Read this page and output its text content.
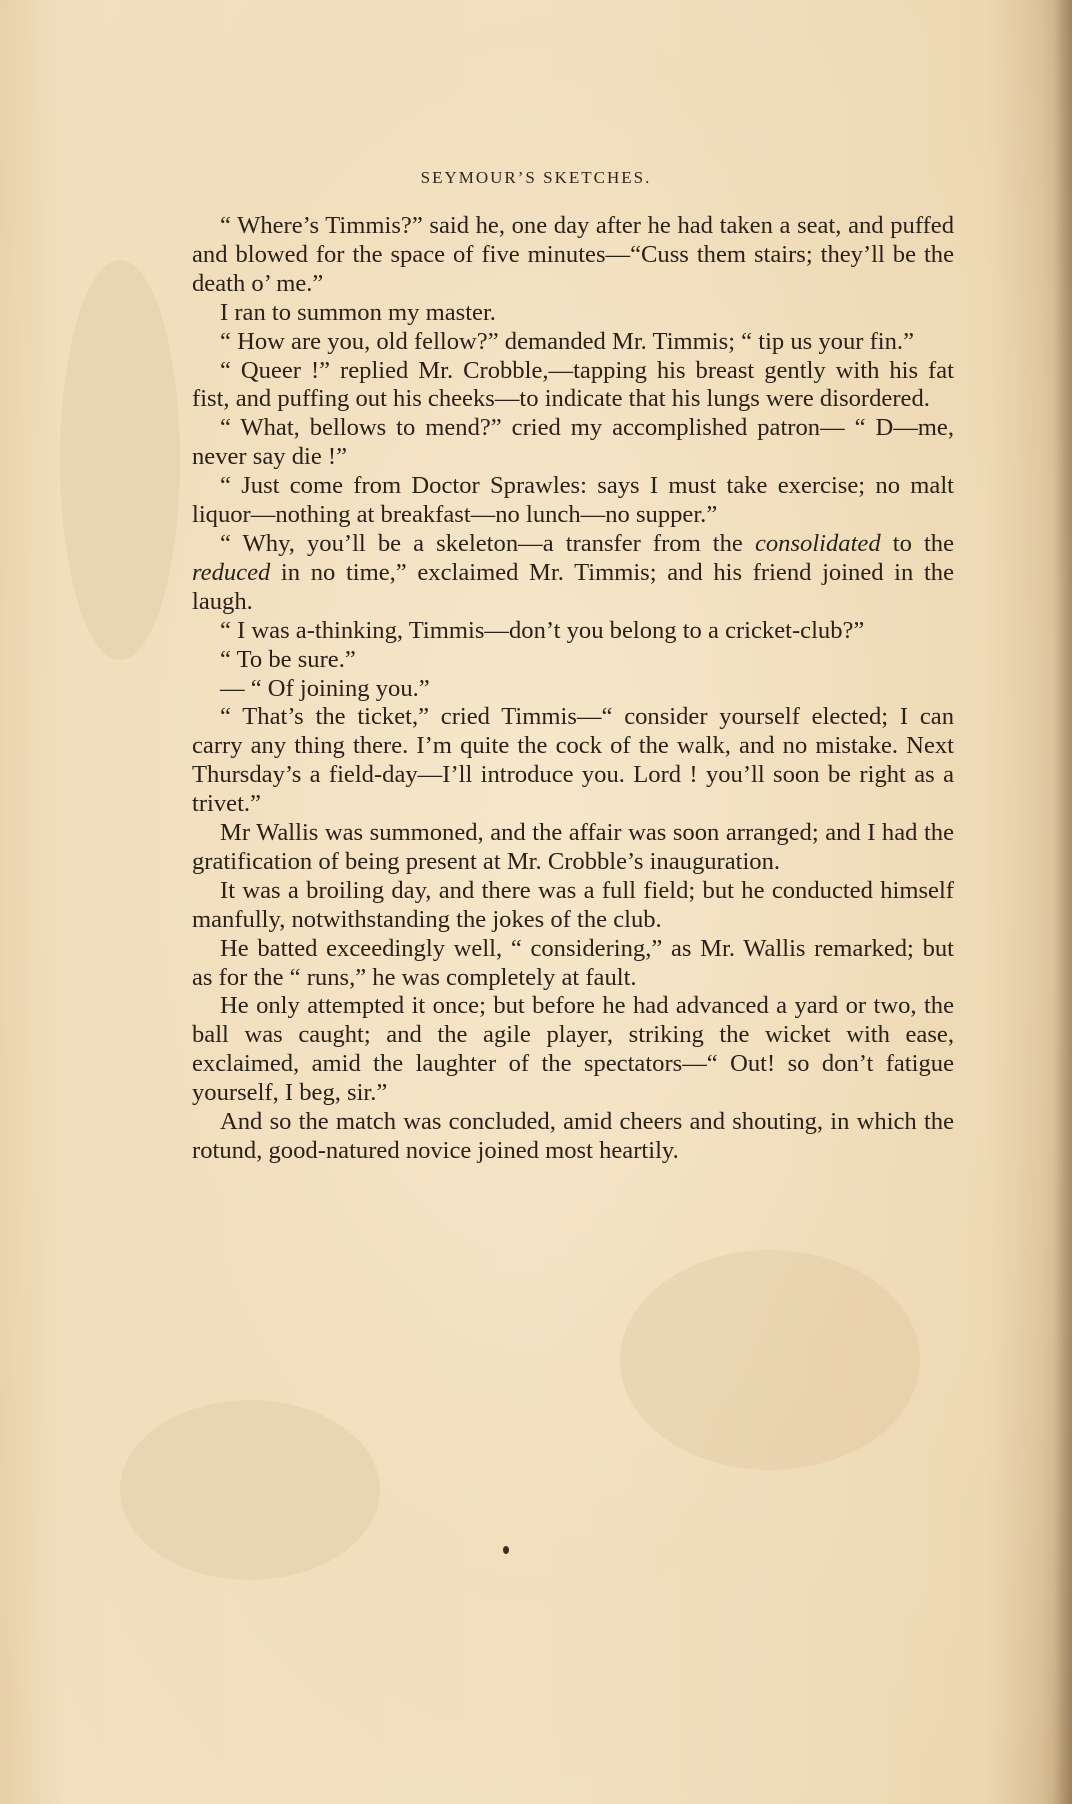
SEYMOUR’S SKETCHES.

“ Where’s Timmis?” said he, one day after he had taken a seat, and puffed and blowed for the space of five minutes—“Cuss them stairs; they’ll be the death o’ me.”

I ran to summon my master.

“ How are you, old fellow?” demanded Mr. Timmis; “ tip us your fin.”

“ Queer !” replied Mr. Crobble,—tapping his breast gently with his fat fist, and puffing out his cheeks—to indicate that his lungs were disordered.

“ What, bellows to mend?” cried my accomplished patron— “ D—me, never say die !”

“ Just come from Doctor Sprawles: says I must take exercise; no malt liquor—nothing at breakfast—no lunch—no supper.”

“ Why, you’ll be a skeleton—a transfer from the consolidated to the reduced in no time,” exclaimed Mr. Timmis; and his friend joined in the laugh.

“ I was a-thinking, Timmis—don’t you belong to a cricket-club?”

“ To be sure.”

— “ Of joining you.”

“ That’s the ticket,” cried Timmis—“ consider yourself elected; I can carry any thing there. I’m quite the cock of the walk, and no mistake. Next Thursday’s a field-day—I’ll introduce you. Lord ! you’ll soon be right as a trivet.”

Mr Wallis was summoned, and the affair was soon arranged; and I had the gratification of being present at Mr. Crobble’s inauguration.

It was a broiling day, and there was a full field; but he conducted himself manfully, notwithstanding the jokes of the club.

He batted exceedingly well, “ considering,” as Mr. Wallis remarked; but as for the “ runs,” he was completely at fault.

He only attempted it once; but before he had advanced a yard or two, the ball was caught; and the agile player, striking the wicket with ease, exclaimed, amid the laughter of the spectators—“ Out! so don’t fatigue yourself, I beg, sir.”

And so the match was concluded, amid cheers and shouting, in which the rotund, good-natured novice joined most heartily.
